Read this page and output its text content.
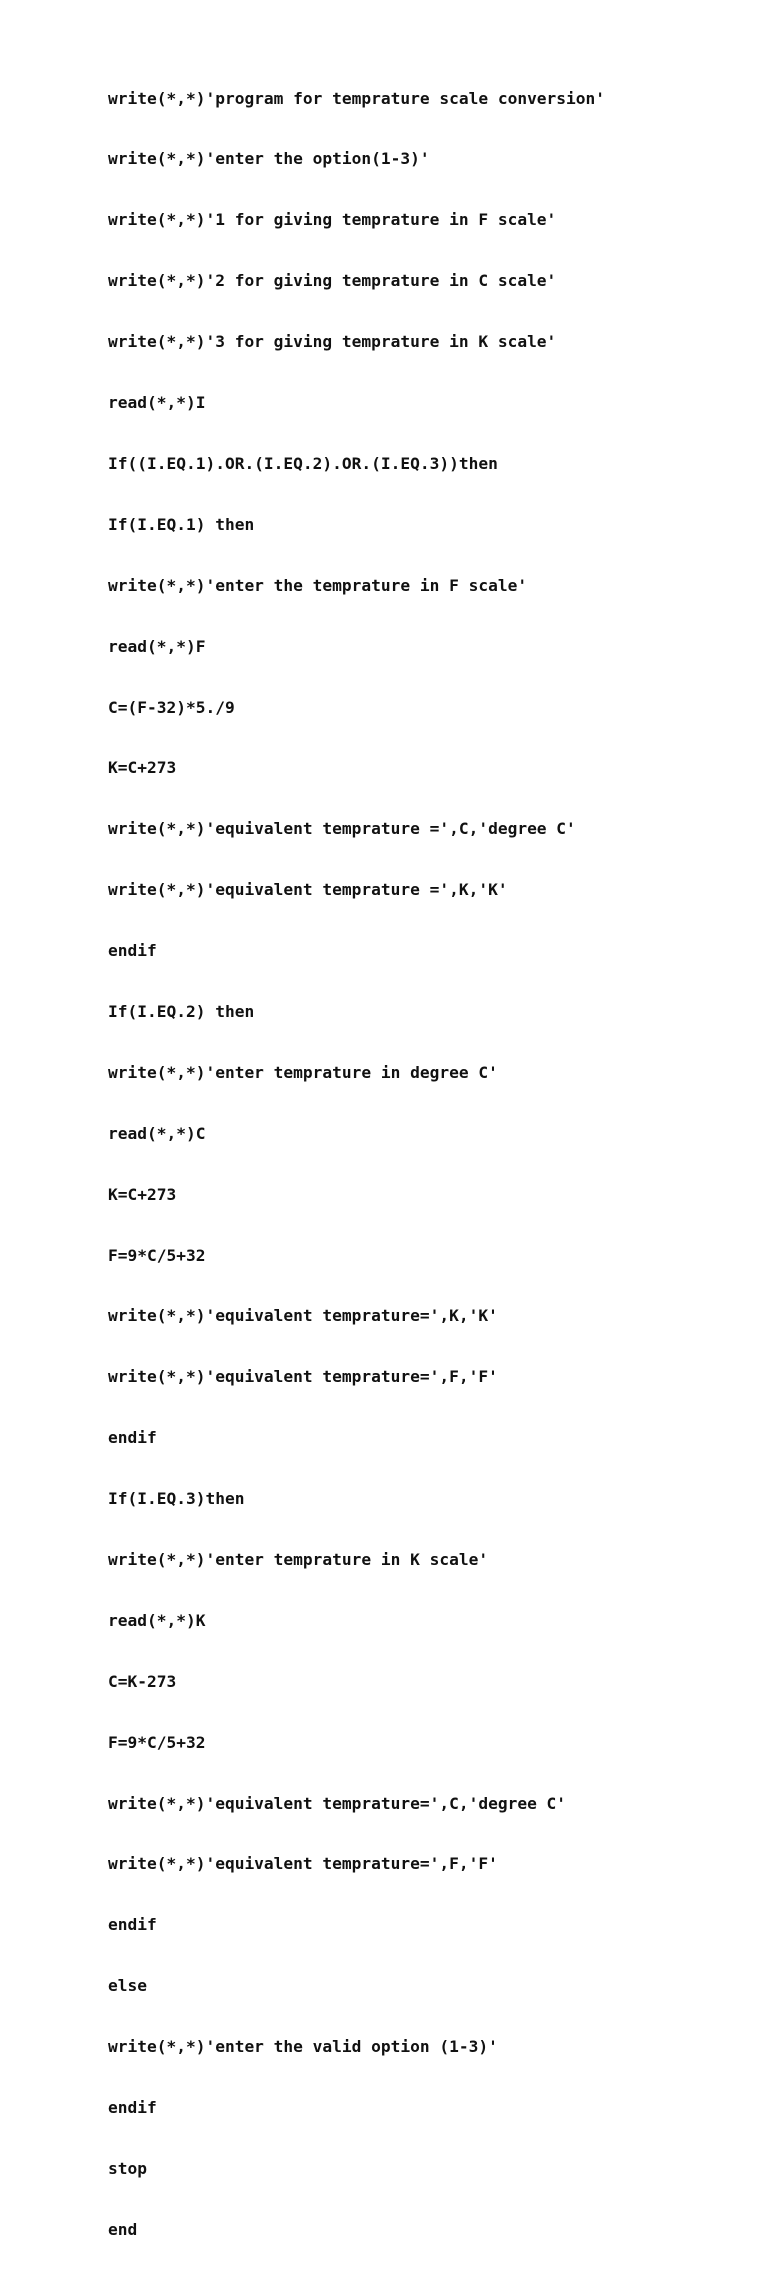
write(*,*)'program for temprature scale conversion'

write(*,*)'enter the option(1-3)'

write(*,*)'1 for giving temprature in F scale'

write(*,*)'2 for giving temprature in C scale'

write(*,*)'3 for giving temprature in K scale'

read(*,*)I

If((I.EQ.1).OR.(I.EQ.2).OR.(I.EQ.3))then

If(I.EQ.1) then

write(*,*)'enter the temprature in F scale'

read(*,*)F

C=(F-32)*5./9

K=C+273

write(*,*)'equivalent temprature =',C,'degree C'

write(*,*)'equivalent temprature =',K,'K'

endif

If(I.EQ.2) then

write(*,*)'enter temprature in degree C'

read(*,*)C

K=C+273

F=9*C/5+32

write(*,*)'equivalent temprature=',K,'K'

write(*,*)'equivalent temprature=',F,'F'

endif

If(I.EQ.3)then

write(*,*)'enter temprature in K scale'

read(*,*)K

C=K-273

F=9*C/5+32

write(*,*)'equivalent temprature=',C,'degree C'

write(*,*)'equivalent temprature=',F,'F'

endif

else

write(*,*)'enter the valid option (1-3)'

endif

stop

end
